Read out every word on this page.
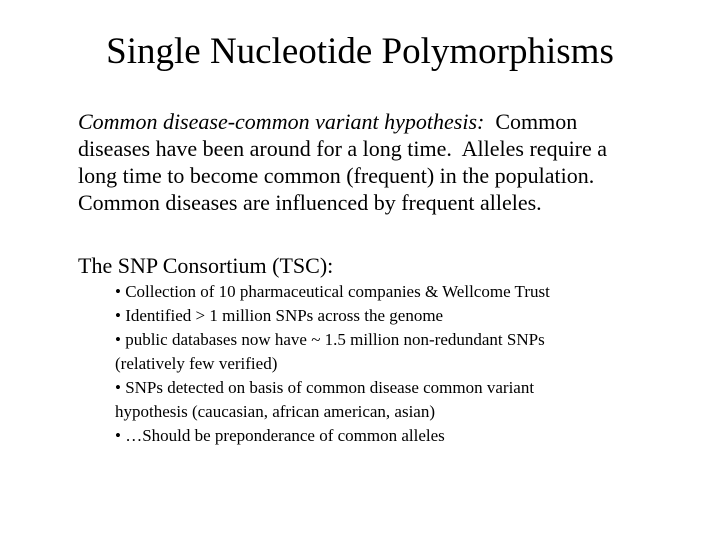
Single Nucleotide Polymorphisms
Common disease-common variant hypothesis:  Common
diseases have been around for a long time.  Alleles require a
long time to become common (frequent) in the population.
Common diseases are influenced by frequent alleles.
The SNP Consortium (TSC):
• Collection of 10 pharmaceutical companies & Wellcome Trust
• Identified > 1 million SNPs across the genome
• public databases now have ~ 1.5 million non-redundant SNPs
(relatively few verified)
• SNPs detected on basis of common disease common variant
hypothesis (caucasian, african american, asian)
• …Should be preponderance of common alleles
